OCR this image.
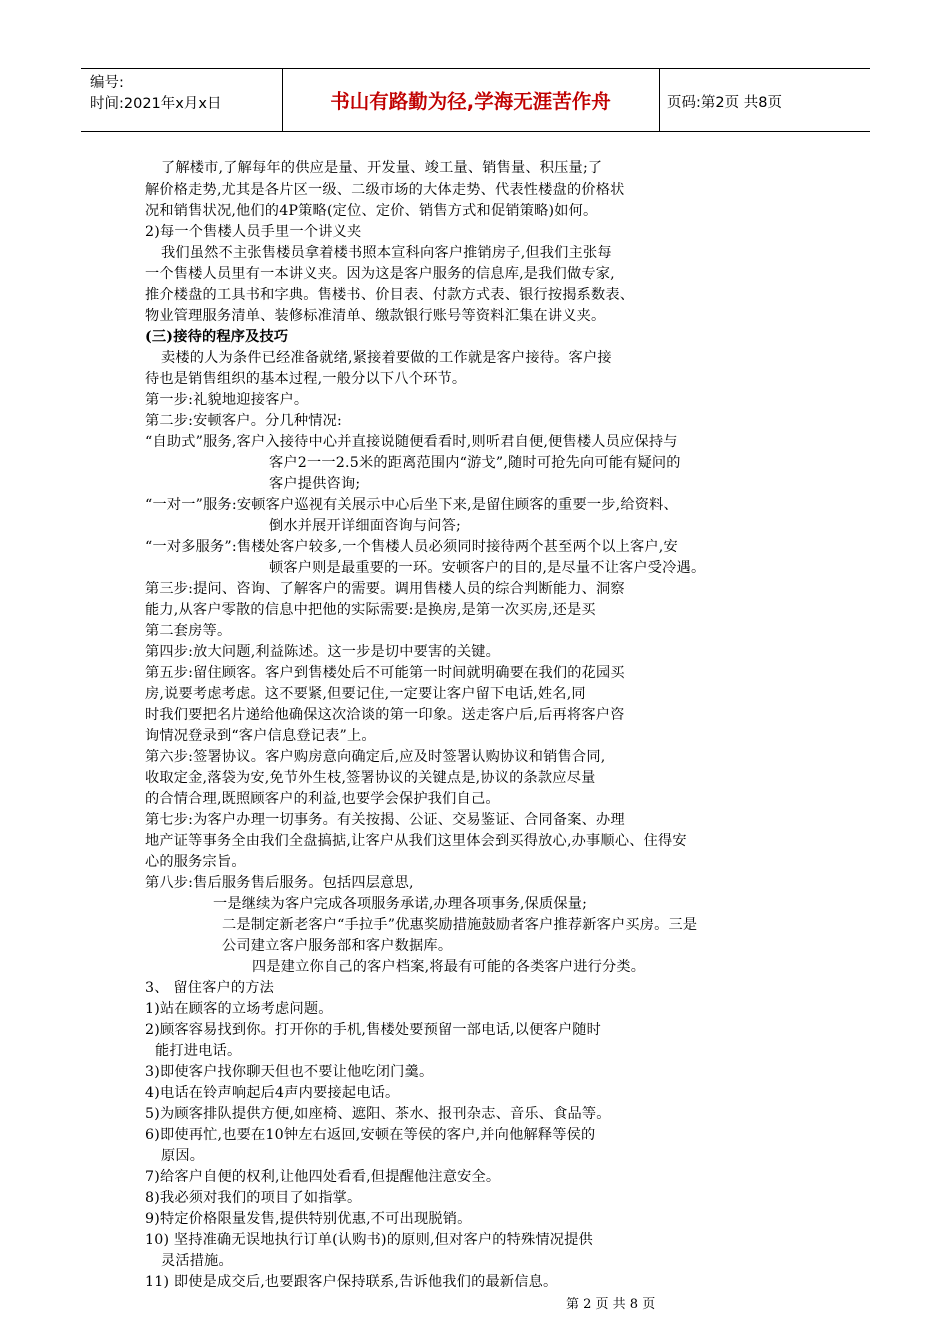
编号:
时间:2021年x月x日	书山有路勤为径,学海无涯苦作舟	页码:第2页 共8页
了解楼市,了解每年的供应是量、开发量、竣工量、销售量、积压量;了
解价格走势,尤其是各片区一级、二级市场的大体走势、代表性楼盘的价格状
况和销售状况,他们的4P策略(定位、定价、销售方式和促销策略)如何。
2)每一个售楼人员手里一个讲义夹
我们虽然不主张售楼员拿着楼书照本宣科向客户推销房子,但我们主张每
一个售楼人员里有一本讲义夹。因为这是客户服务的信息库,是我们做专家,
推介楼盘的工具书和字典。售楼书、价目表、付款方式表、银行按揭系数表、
物业管理服务清单、装修标准清单、缴款银行账号等资料汇集在讲义夹。
(三)接待的程序及技巧
卖楼的人为条件已经准备就绪,紧接着要做的工作就是客户接待。客户接
待也是销售组织的基本过程,一般分以下八个环节。
第一步:礼貌地迎接客户。
第二步:安顿客户。分几种情况:
“自助式”服务,客户入接待中心并直接说随便看看时,则听君自便,便售楼人员应保持与
客户2一一2.5米的距离范围内“游戈”,随时可抢先向可能有疑问的
客户提供咨询;
“一对一”服务:安顿客户巡视有关展示中心后坐下来,是留住顾客的重要一步,给资料、
倒水并展开详细面咨询与问答;
“一对多服务”:售楼处客户较多,一个售楼人员必须同时接待两个甚至两个以上客户,安
顿客户则是最重要的一环。安顿客户的目的,是尽量不让客户受冷遇。
第三步:提问、咨询、了解客户的需要。调用售楼人员的综合判断能力、洞察
能力,从客户零散的信息中把他的实际需要:是换房,是第一次买房,还是买
第二套房等。
第四步:放大问题,利益陈述。这一步是切中要害的关键。
第五步:留住顾客。客户到售楼处后不可能第一时间就明确要在我们的花园买
房,说要考虑考虑。这不要紧,但要记住,一定要让客户留下电话,姓名,同
时我们要把名片递给他确保这次洽谈的第一印象。送走客户后,后再将客户咨
询情况登录到“客户信息登记表”上。
第六步:签署协议。客户购房意向确定后,应及时签署认购协议和销售合同,
收取定金,落袋为安,免节外生枝,签署协议的关键点是,协议的条款应尽量
的合情合理,既照顾客户的利益,也要学会保护我们自己。
第七步:为客户办理一切事务。有关按揭、公证、交易鉴证、合同备案、办理
地产证等事务全由我们全盘搞掂,让客户从我们这里体会到买得放心,办事顺心、住得安
心的服务宗旨。
第八步:售后服务售后服务。包括四层意思,
一是继续为客户完成各项服务承诺,办理各项事务,保质保量;
二是制定新老客户“手拉手”优惠奖励措施鼓励者客户推荐新客户买房。三是
公司建立客户服务部和客户数据库。
四是建立你自己的客户档案,将最有可能的各类客户进行分类。
3、 留住客户的方法
1)站在顾客的立场考虑问题。
2)顾客容易找到你。打开你的手机,售楼处要预留一部电话,以便客户随时
能打进电话。
3)即使客户找你聊天但也不要让他吃闭门羹。
4)电话在铃声响起后4声内要接起电话。
5)为顾客排队提供方便,如座椅、遮阳、茶水、报刊杂志、音乐、食品等。
6)即使再忙,也要在10钟左右返回,安顿在等侯的客户,并向他解释等侯的
原因。
7)给客户自便的权利,让他四处看看,但提醒他注意安全。
8)我必须对我们的项目了如指掌。
9)特定价格限量发售,提供特别优惠,不可出现脱销。
10) 坚持准确无误地执行订单(认购书)的原则,但对客户的特殊情况提供
灵活措施。
11) 即使是成交后,也要跟客户保持联系,告诉他我们的最新信息。
第 2 页 共 8 页
